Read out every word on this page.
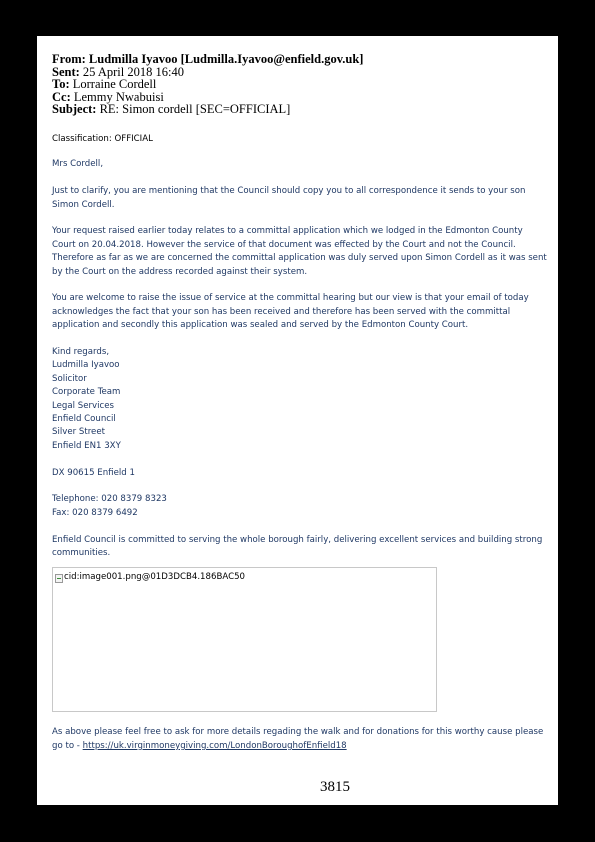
From: Ludmilla Iyavoo [Ludmilla.Iyavoo@enfield.gov.uk]
Sent: 25 April 2018 16:40
To: Lorraine Cordell
Cc: Lemmy Nwabuisi
Subject: RE: Simon cordell [SEC=OFFICIAL]
Classification: OFFICIAL
Mrs Cordell,
Just to clarify, you are mentioning that the Council should copy you to all correspondence it sends to your son Simon Cordell.
Your request raised earlier today relates to a committal application which we lodged in the Edmonton County Court on 20.04.2018. However the service of that document was effected by the Court and not the Council. Therefore as far as we are concerned the committal application was duly served upon Simon Cordell as it was sent by the Court on the address recorded against their system.
You are welcome to raise the issue of service at the committal hearing but our view is that your email of today acknowledges the fact that your son has been received and therefore has been served with the committal application and secondly this application was sealed and served by the Edmonton County Court.
Kind regards,
Ludmilla Iyavoo
Solicitor
Corporate Team
Legal Services
Enfield Council
Silver Street
Enfield EN1 3XY
DX 90615 Enfield 1
Telephone: 020 8379 8323
Fax: 020 8379 6492
Enfield Council is committed to serving the whole borough fairly, delivering excellent services and building strong communities.
cid:image001.png@01D3DCB4.186BAC50
As above please feel free to ask for more details regading the walk and for donations for this worthy cause please go to - https://uk.virginmoneygiving.com/LondonBoroughofEnfield18
3815
